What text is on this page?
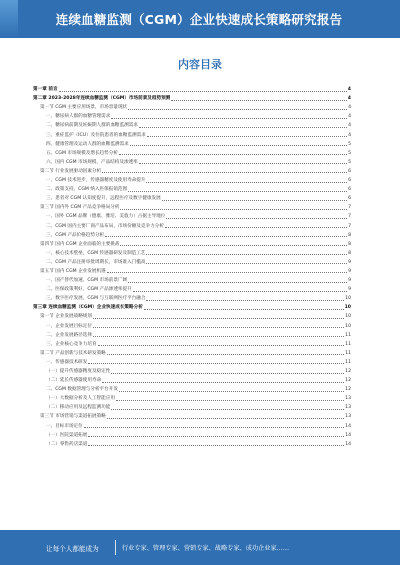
连续血糖监测（CGM）企业快速成长策略研究报告
内容目录
第一章 前言	4
第二章 2023-2028年连续血糖监测（CGM）市场前景及趋势预测	4
第一节 CGM 主要应用场景，市场容量现状	4
一、糖尿病人群的血糖管理需求	4
二、糖尿病前期及妊娠期人群的血糖监测需求	4
三、重症监护（ICU）及住院患者的血糖监测需求	4
四、健康管理及运动人群的血糖监测需求	5
五、CGM 市场规模及增长趋势分析	5
六、国内 CGM 市场规模、产品结构及渗透率	5
第二节 行业发展驱动因素分析	6
一、CGM 技术进步，传感器精度及使用寿命提升	6
二、政策支持，CGM 纳入医保报销范围	6
三、患者对 CGM 认知度提升，远程医疗及数字健康发展	6
第三节 国内外 CGM 产品竞争格局分析	7
一、国外 CGM 品牌（德康、雅培、美敦力）占据主导地位	7
二、CGM 国内主要厂商产品布局、市场份额及竞争力分析	7
三、CGM 产品价格趋势分析	8
第四节 国内 CGM 企业面临的主要挑战	8
一、核心技术壁垒，CGM 传感器研发及制造工艺	8
二、CGM 产品注册审批周期长，市场准入门槛高	9
第五节 国内 CGM 企业发展机遇	9
一、国产替代加速，CGM 市场前景广阔	9
二、医保政策利好，CGM 产品渗透率提升	9
三、数字医疗发展，CGM 与互联网医疗平台融合	10
第三章 连续血糖监测（CGM）企业快速成长策略分析	10
第一节 企业发展战略规划	10
一、企业发展目标定位	10
二、企业发展路径选择	11
三、企业核心竞争力培育	11
第二节 产品创新与技术研发策略	11
一、传感器技术研发	11
（一）提升传感器精度及稳定性	12
（二）延长传感器使用寿命	12
二、CGM 数据管理与分析平台开发	12
（一）大数据分析及人工智能应用	13
（二）移动应用及远程监测功能	13
第三节 市场营销与渠道拓展策略	13
一、目标市场定位	14
（一）医院渠道拓展	14
（二）零售药店渠道	14
让每个人都能成为	行业专家、管理专家、营销专家、战略专家、成功企业家……
